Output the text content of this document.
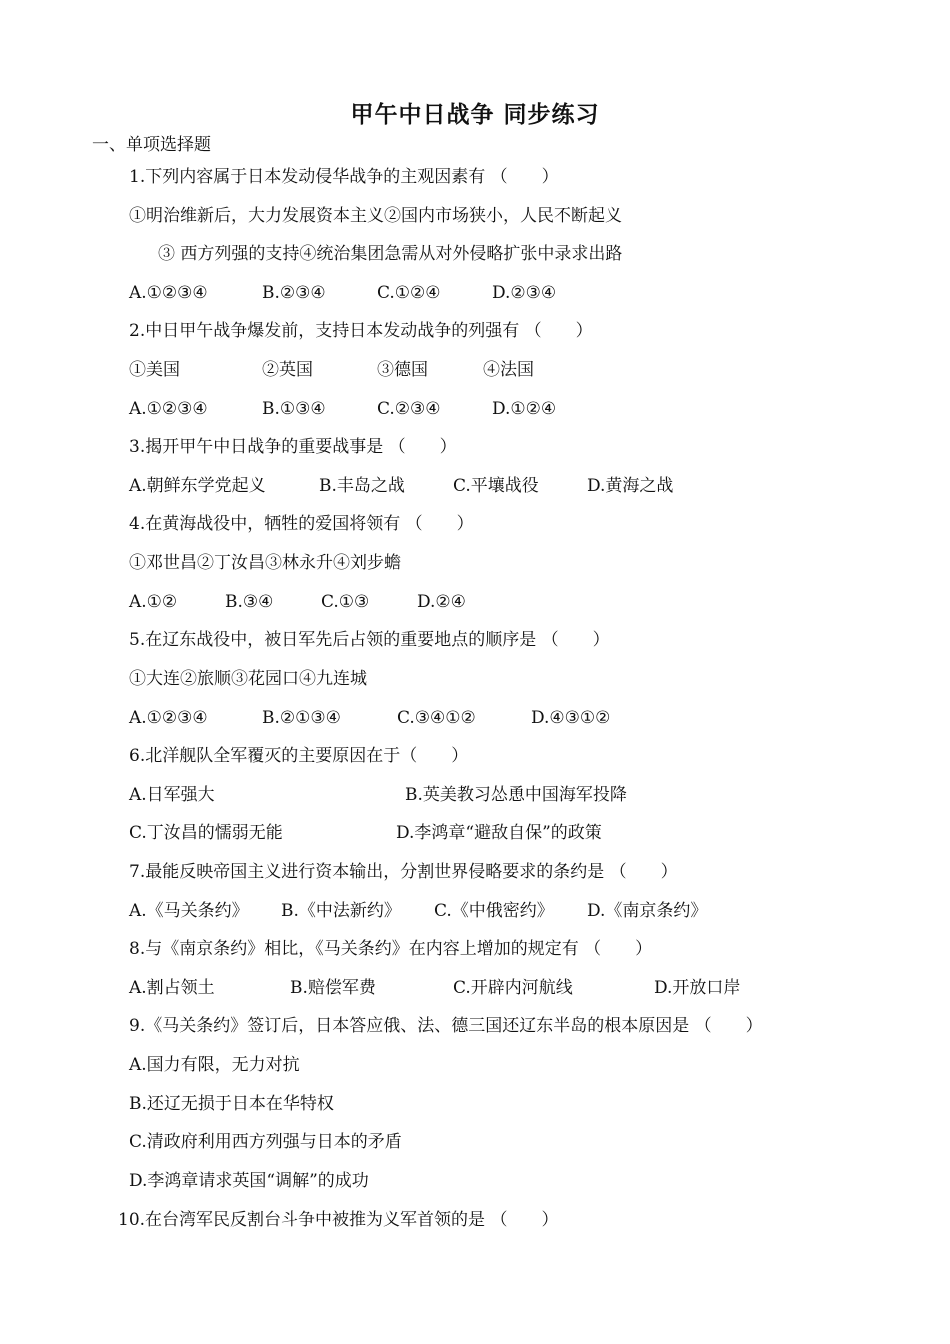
甲午中日战争 同步练习
一、单项选择题
1.下列内容属于日本发动侵华战争的主观因素有 （　　）
①明治维新后，大力发展资本主义②国内市场狭小，人民不断起义
③ 西方列强的支持④统治集团急需从对外侵略扩张中录求出路
A.①②③④	B.②③④	C.①②④	D.②③④
2.中日甲午战争爆发前，支持日本发动战争的列强有 （　　）
①美国	②英国	③德国	④法国
A.①②③④	B.①③④	C.②③④	D.①②④
3.揭开甲午中日战争的重要战事是 （　　）
A.朝鲜东学党起义	B.丰岛之战	C.平壤战役	D.黄海之战
4.在黄海战役中，牺牲的爱国将领有 （　　）
①邓世昌②丁汝昌③林永升④刘步蟾
A.①②	B.③④	C.①③	D.②④
5.在辽东战役中，被日军先后占领的重要地点的顺序是 （　　）
①大连②旅顺③花园口④九连城
A.①②③④	B.②①③④	C.③④①②	D.④③①②
6.北洋舰队全军覆灭的主要原因在于（　　）
A.日军强大	B.英美教习怂恿中国海军投降
C.丁汝昌的懦弱无能	D.李鸿章“避敌自保”的政策
7.最能反映帝国主义进行资本输出，分割世界侵略要求的条约是 （　　）
A.《马关条约》 B.《中法新约》 C.《中俄密约》 D.《南京条约》
8.与《南京条约》相比，《马关条约》在内容上增加的规定有 （　　）
A.割占领土	B.赔偿军费	C.开辟内河航线	D.开放口岸
9.《马关条约》签订后，日本答应俄、法、德三国还辽东半岛的根本原因是 （　　）
A.国力有限，无力对抗
B.还辽无损于日本在华特权
C.清政府利用西方列强与日本的矛盾
D.李鸿章请求英国“调解”的成功
10.在台湾军民反割台斗争中被推为义军首领的是 （　　）
